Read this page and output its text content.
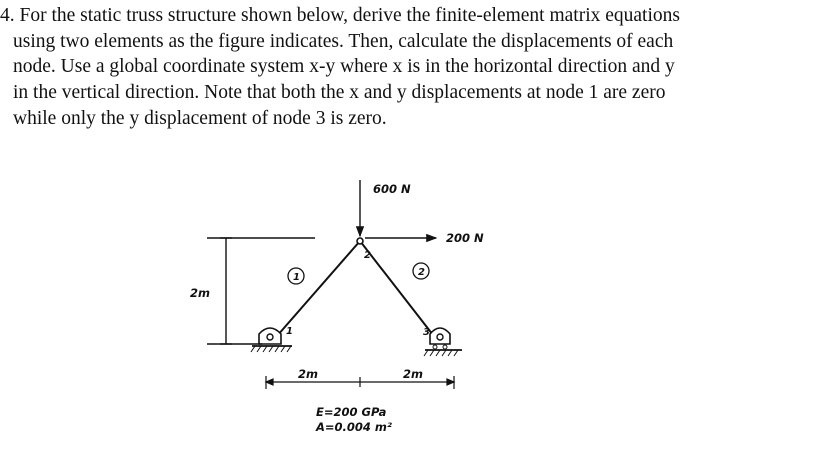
4. For the static truss structure shown below, derive the finite-element matrix equations
using two elements as the figure indicates. Then, calculate the displacements of each
node. Use a global coordinate system x-y where x is in the horizontal direction and y
in the vertical direction. Note that both the x and y displacements at node 1 are zero
while only the y displacement of node 3 is zero.
600 N
200 N
2m
2m	2m
1	2
1
2
3
E=200 GPa
A=0.004 m²
